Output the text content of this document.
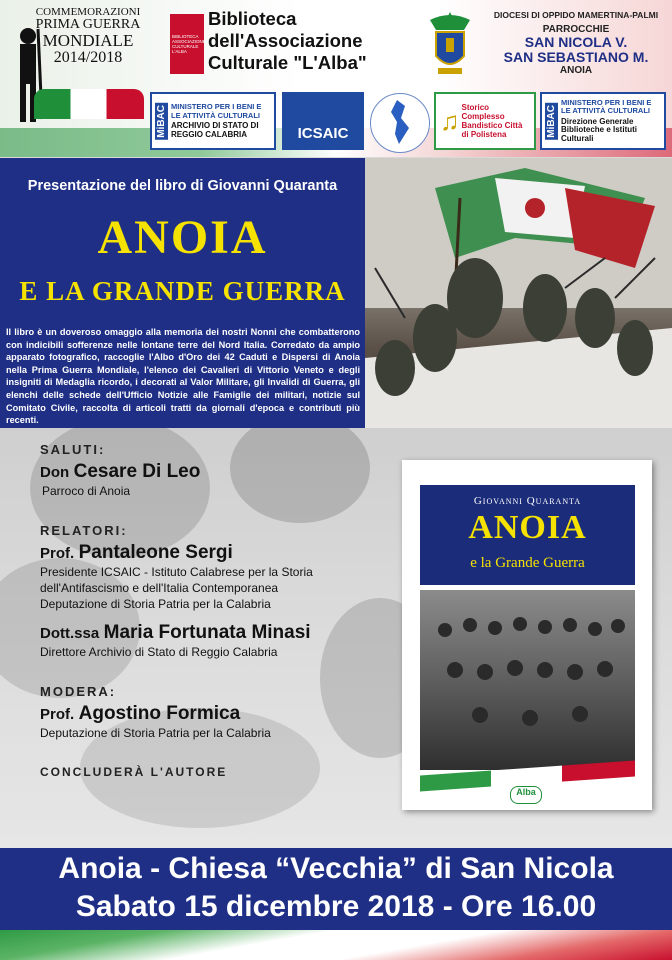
COMMEMORAZIONI
PRIMA GUERRA
MONDIALE
2014/2018
BIBLIOTECA ASSOCIAZIONE CULTURALE L'ALBA
Biblioteca
dell'Associazione
Culturale "L'Alba"
DIOCESI DI OPPIDO MAMERTINA-PALMI
PARROCCHIE
SAN NICOLA V.
SAN SEBASTIANO M.
ANOIA
MiBAC MINISTERO PER I BENI E LE ATTIVITÀ CULTURALI
ARCHIVIO DI STATO DI REGGIO CALABRIA	ICSAIC	♫ Storico Complesso Bandistico Città di Polistena	MiBAC
MINISTERO PER I BENI E LE ATTIVITÀ CULTURALI
Direzione Generale Biblioteche e Istituti Culturali
Presentazione del libro di Giovanni Quaranta
ANOIA
E LA GRANDE GUERRA
Il libro è un doveroso omaggio alla memoria dei nostri Nonni che combatterono con indicibili sofferenze nelle lontane terre del Nord Italia. Corredato da ampio apparato fotografico, raccoglie l'Albo d'Oro dei 42 Caduti e Dispersi di Anoia nella Prima Guerra Mondiale, l'elenco dei Cavalieri di Vittorio Veneto e degli insigniti di Medaglia ricordo, i decorati al Valor Militare, gli Invalidi di Guerra, gli elenchi delle schede dell'Ufficio Notizie alle Famiglie dei militari, notizie sul Comitato Civile, raccolta di articoli tratti da giornali d'epoca e contributi più recenti.
SALUTI:
Don Cesare Di Leo
Parroco di Anoia
RELATORI:
Prof. Pantaleone Sergi
Presidente ICSAIC - Istituto Calabrese per la Storia
dell'Antifascismo e dell'Italia Contemporanea
Deputazione di Storia Patria per la Calabria
Dott.ssa Maria Fortunata Minasi
Direttore Archivio di Stato di Reggio Calabria
MODERA:
Prof. Agostino Formica
Deputazione di Storia Patria per la Calabria
CONCLUDERÀ L'AUTORE
Giovanni Quaranta
ANOIA
e la Grande Guerra
Alba
Anoia - Chiesa “Vecchia” di San Nicola
Sabato 15 dicembre 2018 - Ore 16.00
